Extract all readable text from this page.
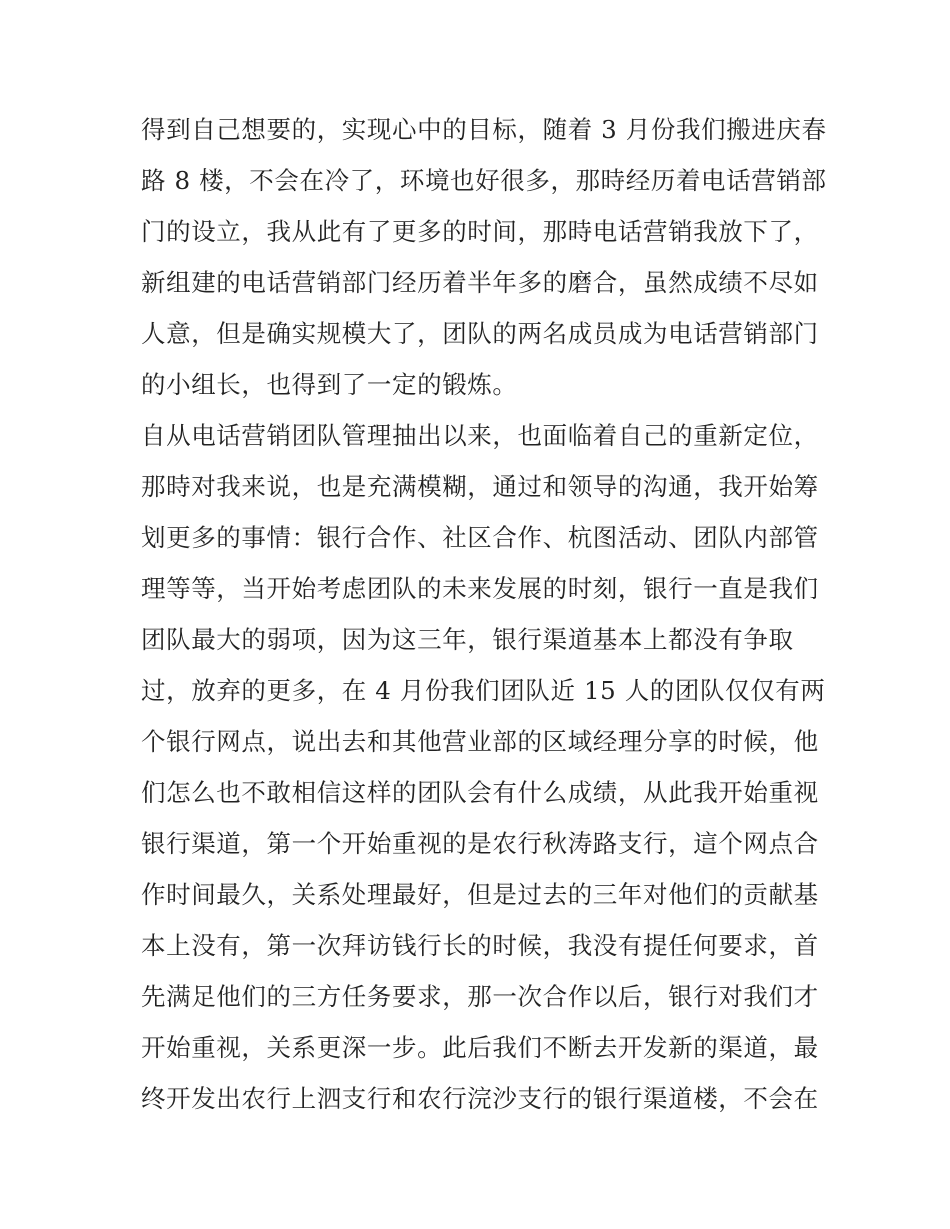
得到自己想要的，实现心中的目标，随着 3 月份我们搬进庆春
路 8 楼，不会在冷了，环境也好很多，那時经历着电话营销部
门的设立，我从此有了更多的时间，那時电话营销我放下了，
新组建的电话营销部门经历着半年多的磨合，虽然成绩不尽如
人意，但是确实规模大了，团队的两名成员成为电话营销部门
的小组长，也得到了一定的锻炼。
自从电话营销团队管理抽出以来，也面临着自己的重新定位，
那時对我来说，也是充满模糊，通过和领导的沟通，我开始筹
划更多的事情：银行合作、社区合作、杭图活动、团队内部管
理等等，当开始考虑团队的未来发展的时刻，银行一直是我们
团队最大的弱项，因为这三年，银行渠道基本上都没有争取
过，放弃的更多，在 4 月份我们团队近 15 人的团队仅仅有两
个银行网点，说出去和其他营业部的区域经理分享的时候，他
们怎么也不敢相信这样的团队会有什么成绩，从此我开始重视
银行渠道，第一个开始重视的是农行秋涛路支行，這个网点合
作时间最久，关系处理最好，但是过去的三年对他们的贡献基
本上没有，第一次拜访钱行长的时候，我没有提任何要求，首
先满足他们的三方任务要求，那一次合作以后，银行对我们才
开始重视，关系更深一步。此后我们不断去开发新的渠道，最
终开发出农行上泗支行和农行浣沙支行的银行渠道楼，不会在
